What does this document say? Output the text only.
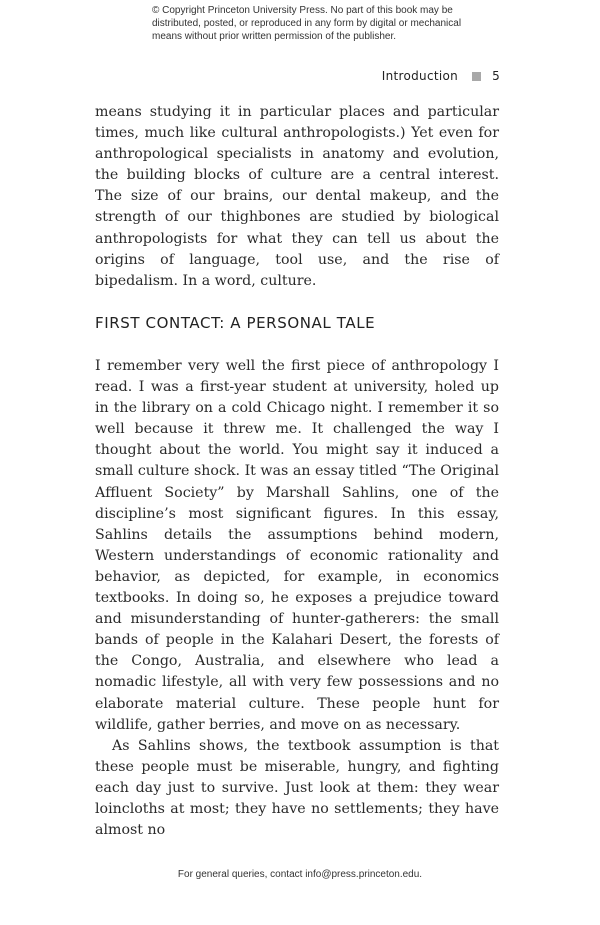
© Copyright Princeton University Press. No part of this book may be distributed, posted, or reproduced in any form by digital or mechanical means without prior written permission of the publisher.
Introduction	5

means studying it in particular places and particular times, much like cultural anthropologists.) Yet even for anthropological specialists in anatomy and evolution, the building blocks of culture are a central interest. The size of our brains, our dental makeup, and the strength of our thighbones are studied by biological anthropologists for what they can tell us about the origins of language, tool use, and the rise of bipedalism. In a word, culture.

FIRST CONTACT: A PERSONAL TALE

I remember very well the first piece of anthropology I read. I was a first-year student at university, holed up in the library on a cold Chicago night. I remember it so well because it threw me. It challenged the way I thought about the world. You might say it induced a small culture shock. It was an essay titled “The Original Affluent Society” by Marshall Sahlins, one of the discipline’s most significant figures. In this essay, Sahlins details the assumptions behind modern, Western understandings of economic rationality and behavior, as depicted, for example, in economics textbooks. In doing so, he exposes a prejudice toward and misunderstanding of hunter-gatherers: the small bands of people in the Kalahari Desert, the forests of the Congo, Australia, and elsewhere who lead a nomadic lifestyle, all with very few possessions and no elaborate material culture. These people hunt for wildlife, gather berries, and move on as necessary.

As Sahlins shows, the textbook assumption is that these people must be miserable, hungry, and fighting each day just to survive. Just look at them: they wear loincloths at most; they have no settlements; they have almost no

For general queries, contact info@press.princeton.edu.
